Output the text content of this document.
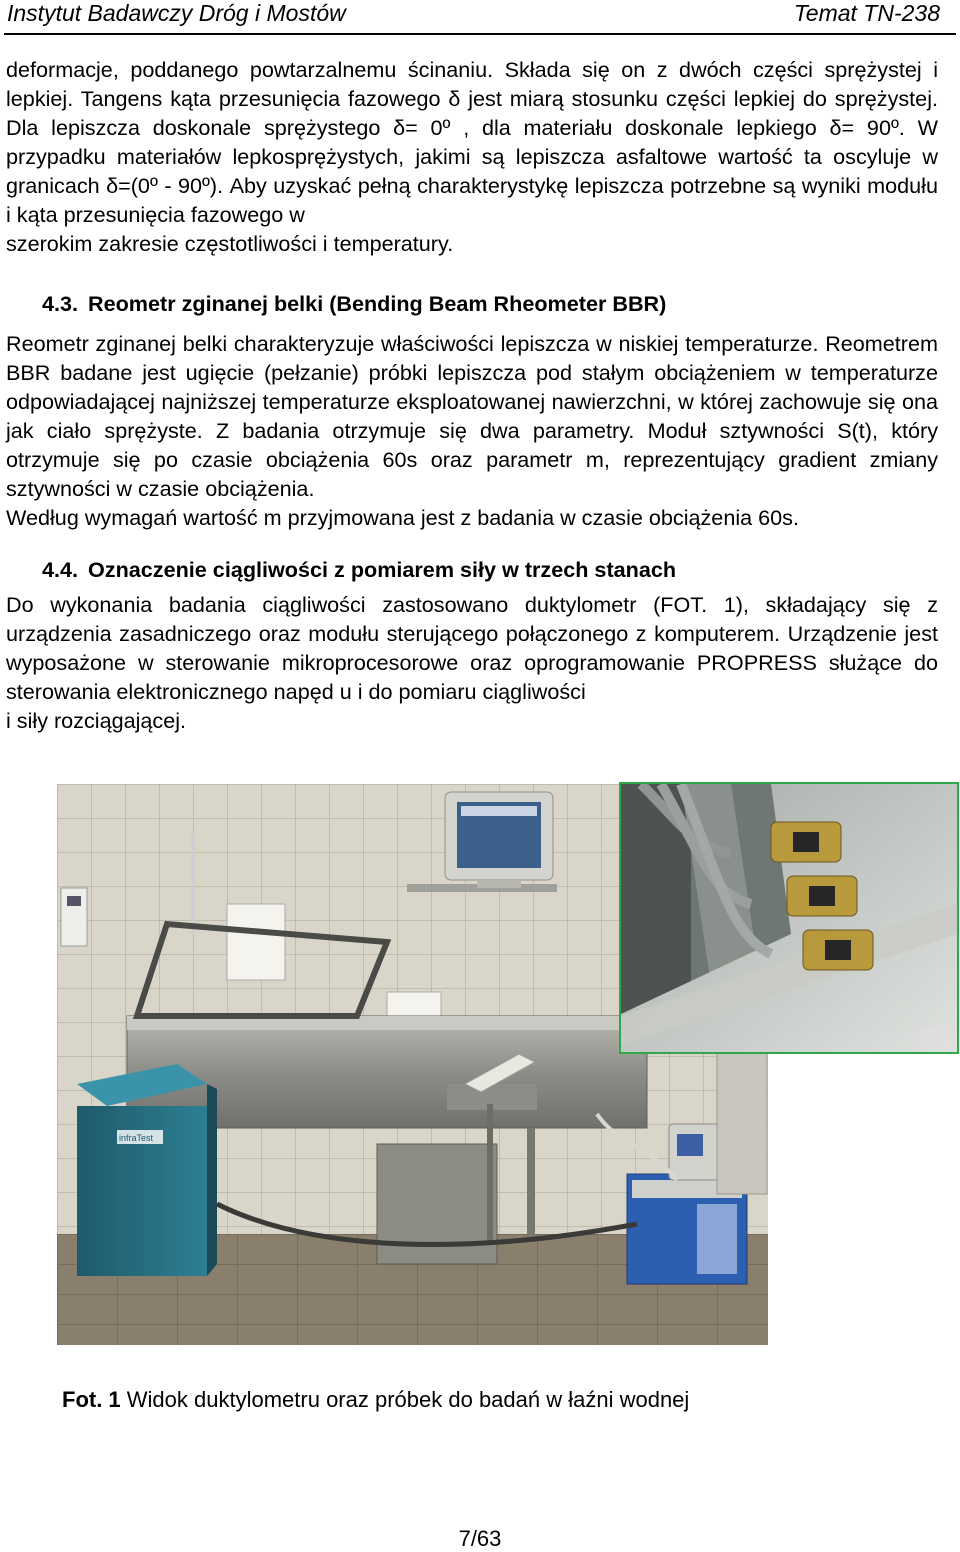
Instytut Badawczy Dróg i Mostów	Temat TN-238
deformacje, poddanego powtarzalnemu ścinaniu. Składa się on z dwóch części sprężystej i lepkiej. Tangens kąta przesunięcia fazowego δ jest miarą stosunku części lepkiej do sprężystej. Dla lepiszcza doskonale sprężystego δ= 0º , dla materiału doskonale lepkiego δ= 90º. W przypadku materiałów lepkosprężystych, jakimi są lepiszcza asfaltowe wartość ta oscyluje w granicach δ=(0º - 90º). Aby uzyskać pełną charakterystykę lepiszcza potrzebne są wyniki modułu i kąta przesunięcia fazowego w
szerokim zakresie częstotliwości i temperatury.
4.3. Reometr zginanej belki (Bending Beam Rheometer BBR)
Reometr zginanej belki charakteryzuje właściwości lepiszcza w niskiej temperaturze. Reometrem BBR badane jest ugięcie (pełzanie) próbki lepiszcza pod stałym obciążeniem w temperaturze odpowiadającej najniższej temperaturze eksploatowanej nawierzchni, w której zachowuje się ona jak ciało sprężyste. Z badania otrzymuje się dwa parametry. Moduł sztywności S(t), który otrzymuje się po czasie obciążenia 60s oraz parametr m, reprezentujący gradient zmiany sztywności w czasie obciążenia.
Według wymagań wartość m przyjmowana jest z badania w czasie obciążenia 60s.
4.4. Oznaczenie ciągliwości z pomiarem siły w trzech stanach
Do wykonania badania ciągliwości zastosowano duktylometr (FOT. 1), składający się z urządzenia zasadniczego oraz modułu sterującego połączonego z komputerem. Urządzenie jest wyposażone w sterowanie mikroprocesorowe oraz oprogramowanie PROPRESS służące do sterowania elektronicznego napęd u i do pomiaru ciągliwości
i siły rozciągającej.
infraTest
Fot. 1 Widok duktylometru oraz próbek do badań w łaźni wodnej
7/63
